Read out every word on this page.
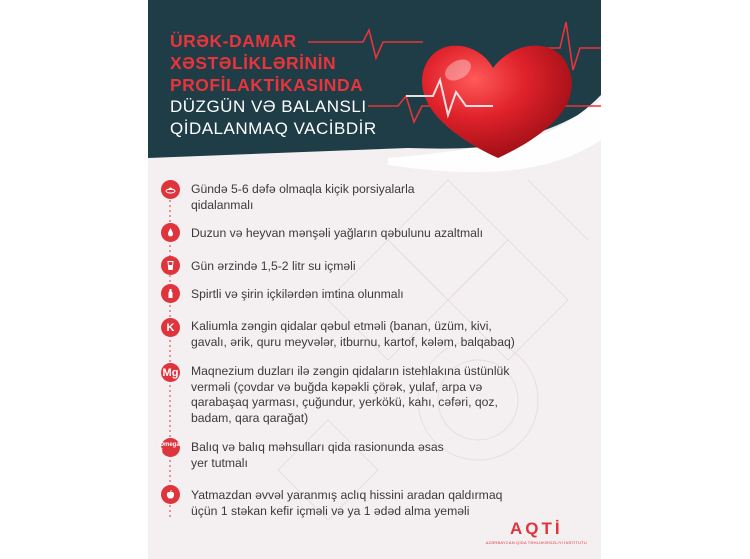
ÜRƏK-DAMAR
XƏSTƏLİKLƏRİNİN
PROFİLAKTİKASINDA
DÜZGÜN VƏ BALANSLI
QİDALANMAQ VACİBDİR
Gündə 5-6 dəfə olmaqla kiçik porsiyalarla
qidalanmalı
Duzun və heyvan mənşəli yağların qəbulunu azaltmalı
Gün ərzində 1,5-2 litr su içməli
Spirtli və şirin içkilərdən imtina olunmalı
K	Kaliumla zəngin qidalar qəbul etməli (banan, üzüm, kivi,
gavalı, ərik, quru meyvələr, itburnu, kartof, kələm, balqabaq)
Mg Maqnezium duzları ilə zəngin qidaların istehlakına üstünlük
verməli (çovdar və buğda kəpəkli çörək, yulaf, arpa və
qarabaşaq yarması, çuğundur, yerkökü, kahı, cəfəri, qoz,
badam, qara qarağat)
Omega-3	Balıq və balıq məhsulları qida rasionunda əsas
yer tutmalı
Yatmazdan əvvəl yaranmış aclıq hissini aradan qaldırmaq
üçün 1 stəkan kefir içməli və ya 1 ədəd alma yeməli
AQTİ
AZƏRBAYCAN QİDA TƏHLÜKƏSİZLİYİ İNSTİTUTU
